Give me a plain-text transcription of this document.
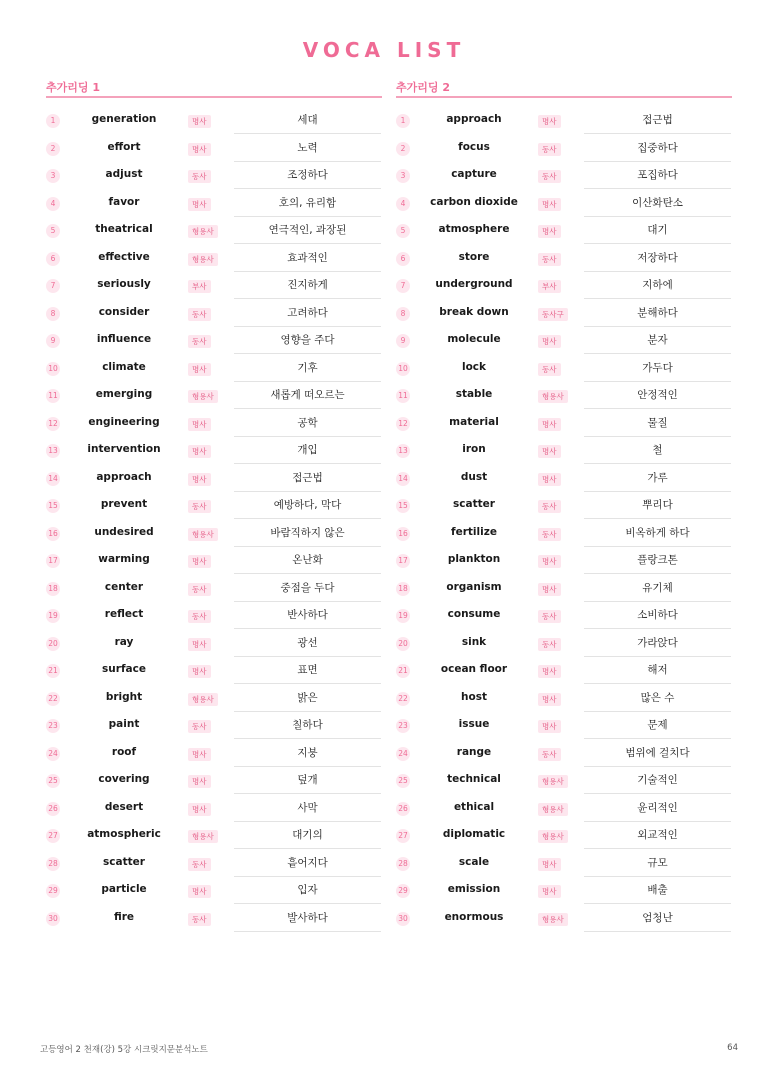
VOCA LIST
추가리딩 1
1	generation	명사	세대
2	effort	명사	노력
3	adjust	동사	조정하다
4	favor	명사	호의, 유리함
5	theatrical	형용사	연극적인, 과장된
6	effective	형용사	효과적인
7	seriously	부사	진지하게
8	consider	동사	고려하다
9	influence	동사	영향을 주다
10	climate	명사	기후
11	emerging	형용사	새롭게 떠오르는
12	engineering	명사	공학
13	intervention	명사	개입
14	approach	명사	접근법
15	prevent	동사	예방하다, 막다
16	undesired	형용사	바람직하지 않은
17	warming	명사	온난화
18	center	동사	중점을 두다
19	reflect	동사	반사하다
20	ray	명사	광선
21	surface	명사	표면
22	bright	형용사	밝은
23	paint	동사	칠하다
24	roof	명사	지붕
25	covering	명사	덮개
26	desert	명사	사막
27	atmospheric	형용사	대기의
28	scatter	동사	흩어지다
29	particle	명사	입자
30	fire	동사	발사하다
추가리딩 2
1	approach	명사	접근법
2	focus	동사	집중하다
3	capture	동사	포집하다
4	carbon dioxide	명사	이산화탄소
5	atmosphere	명사	대기
6	store	동사	저장하다
7	underground	부사	지하에
8	break down	동사구	분해하다
9	molecule	명사	분자
10	lock	동사	가두다
11	stable	형용사	안정적인
12	material	명사	물질
13	iron	명사	철
14	dust	명사	가루
15	scatter	동사	뿌리다
16	fertilize	동사	비옥하게 하다
17	plankton	명사	플랑크톤
18	organism	명사	유기체
19	consume	동사	소비하다
20	sink	동사	가라앉다
21	ocean floor	명사	해저
22	host	명사	많은 수
23	issue	명사	문제
24	range	동사	범위에 걸치다
25	technical	형용사	기술적인
26	ethical	형용사	윤리적인
27	diplomatic	형용사	외교적인
28	scale	명사	규모
29	emission	명사	배출
30	enormous	형용사	엄청난
고등영어 2 천재(강) 5강 시크릿지문분석노트	64
